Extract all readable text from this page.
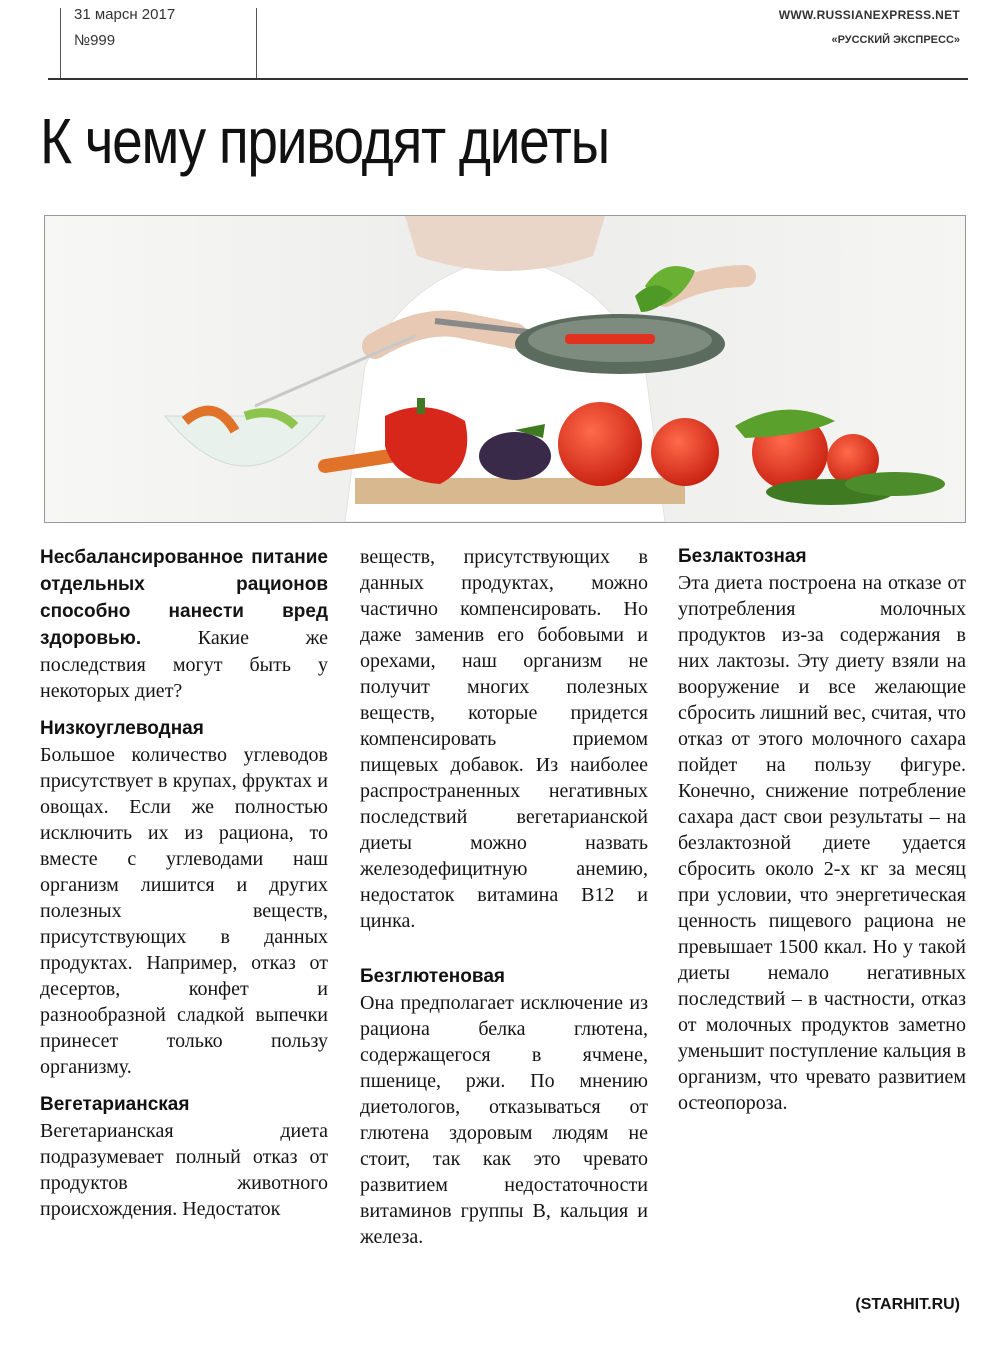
31 марсн 2017
№999
WWW.RUSSIANEXPRESS.NET
«РУССКИЙ ЭКСПРЕСС»
К чему приводят диеты

Несбалансированное питание отдельных рационов способно нанести вред здоровью. Какие же последствия могут быть у некоторых диет?

Низкоуглеводная

Большое количество углеводов присутствует в крупах, фруктах и овощах. Если же полностью исключить их из рациона, то вместе с углеводами наш организм лишится и других полезных веществ, присутствующих в данных продуктах. Например, отказ от десертов, конфет и разнообразной сладкой выпечки принесет только пользу организму.

Вегетарианская

Вегетарианская диета подразумевает полный отказ от продуктов животного происхождения. Недостаток

веществ, присутствующих в данных продуктах, можно частично компенсировать. Но даже заменив его бобовыми и орехами, наш организм не получит многих полезных веществ, которые придется компенсировать приемом пищевых добавок. Из наиболее распространенных негативных последствий вегетарианской диеты можно назвать железодефицитную анемию, недостаток витамина B12 и цинка.

Безглютеновая

Она предполагает исключение из рациона белка глютена, содержащегося в ячмене, пшенице, ржи. По мнению диетологов, отказываться от глютена здоровым людям не стоит, так как это чревато развитием недостаточности витаминов группы B, кальция и железа.

Безлактозная

Эта диета построена на отказе от употребления молочных продуктов из-за содержания в них лактозы. Эту диету взяли на вооружение и все желающие сбросить лишний вес, считая, что отказ от этого молочного сахара пойдет на пользу фигуре. Конечно, снижение потребление сахара даст свои результаты – на безлактозной диете удается сбросить около 2-х кг за месяц при условии, что энергетическая ценность пищевого рациона не превышает 1500 ккал. Но у такой диеты немало негативных последствий – в частности, отказ от молочных продуктов заметно уменьшит поступление кальция в организм, что чревато развитием остеопороза.

(STARHIT.RU)
